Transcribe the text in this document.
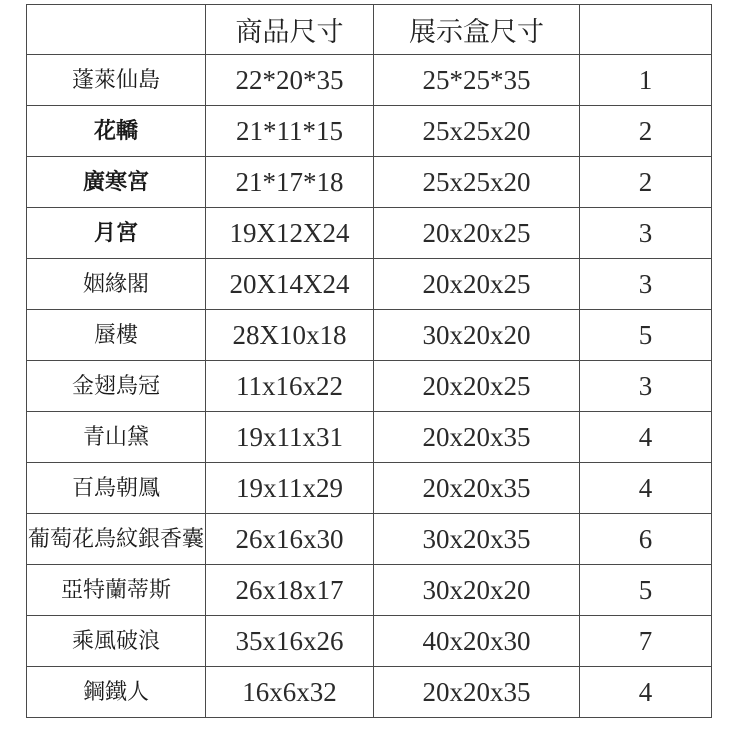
	商品尺寸	展示盒尺寸	
蓬萊仙島	22*20*35	25*25*35	1
花轎	21*11*15	25x25x20	2
廣寒宮	21*17*18	25x25x20	2
月宮	19X12X24	20x20x25	3
姻緣閣	20X14X24	20x20x25	3
蜃樓	28X10x18	30x20x20	5
金翅鳥冠	11x16x22	20x20x25	3
青山黛	19x11x31	20x20x35	4
百鳥朝鳳	19x11x29	20x20x35	4
葡萄花鳥紋銀香囊	26x16x30	30x20x35	6
亞特蘭蒂斯	26x18x17	30x20x20	5
乘風破浪	35x16x26	40x20x30	7
鋼鐵人	16x6x32	20x20x35	4
